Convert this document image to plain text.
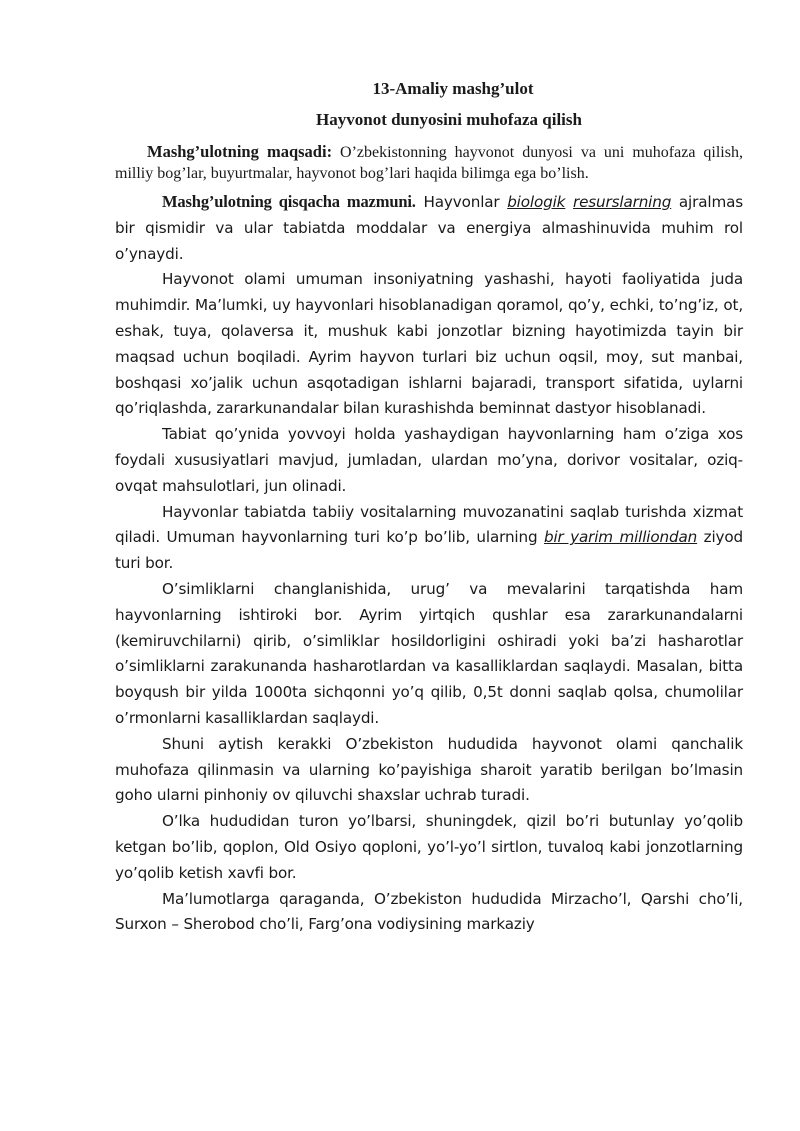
13-Amaliy mashg’ulot

Hayvonot dunyosini muhofaza qilish

Mashg’ulotning maqsadi: O’zbekistonning hayvonot dunyosi va uni muhofaza qilish, milliy bog’lar, buyurtmalar, hayvonot bog’lari haqida bilimga ega bo’lish.

Mashg’ulotning qisqacha mazmuni. Hayvonlar biologik resurslarning ajralmas bir qismidir va ular tabiatda moddalar va energiya almashinuvida muhim rol o’ynaydi.

Hayvonot olami umuman insoniyatning yashashi, hayoti faoliyatida juda muhimdir. Ma’lumki, uy hayvonlari hisoblanadigan qoramol, qo’y, echki, to’ng’iz, ot, eshak, tuya, qolaversa it, mushuk kabi jonzotlar bizning hayotimizda tayin bir maqsad uchun boqiladi. Ayrim hayvon turlari biz uchun oqsil, moy, sut manbai, boshqasi xo’jalik uchun asqotadigan ishlarni bajaradi, transport sifatida, uylarni qo’riqlashda, zararkunandalar bilan kurashishda beminnat dastyor hisoblanadi.

Tabiat qo’ynida yovvoyi holda yashaydigan hayvonlarning ham o’ziga xos foydali xususiyatlari mavjud, jumladan, ulardan mo’yna, dorivor vositalar, oziq-ovqat mahsulotlari, jun olinadi.

Hayvonlar tabiatda tabiiy vositalarning muvozanatini saqlab turishda xizmat qiladi. Umuman hayvonlarning turi ko’p bo’lib, ularning bir yarim milliondan ziyod turi bor.

O’simliklarni changlanishida, urug’ va mevalarini tarqatishda ham hayvonlarning ishtiroki bor. Ayrim yirtqich qushlar esa zararkunandalarni (kemiruvchilarni) qirib, o’simliklar hosildorligini oshiradi yoki ba’zi hasharotlar o’simliklarni zarakunanda hasharotlardan va kasalliklardan saqlaydi. Masalan, bitta boyqush bir yilda 1000ta sichqonni yo’q qilib, 0,5t donni saqlab qolsa, chumolilar o’rmonlarni kasalliklardan saqlaydi.

Shuni aytish kerakki O’zbekiston hududida hayvonot olami qanchalik muhofaza qilinmasin va ularning ko’payishiga sharoit yaratib berilgan bo’lmasin goho ularni pinhoniy ov qiluvchi shaxslar uchrab turadi.

O’lka hududidan turon yo’lbarsi, shuningdek, qizil bo’ri butunlay yo’qolib ketgan bo’lib, qoplon, Old Osiyo qoploni, yo’l-yo’l sirtlon, tuvaloq kabi jonzotlarning yo’qolib ketish xavfi bor.

Ma’lumotlarga qaraganda, O’zbekiston hududida Mirzacho’l, Qarshi cho’li, Surxon – Sherobod cho’li, Farg’ona vodiysining markaziy
